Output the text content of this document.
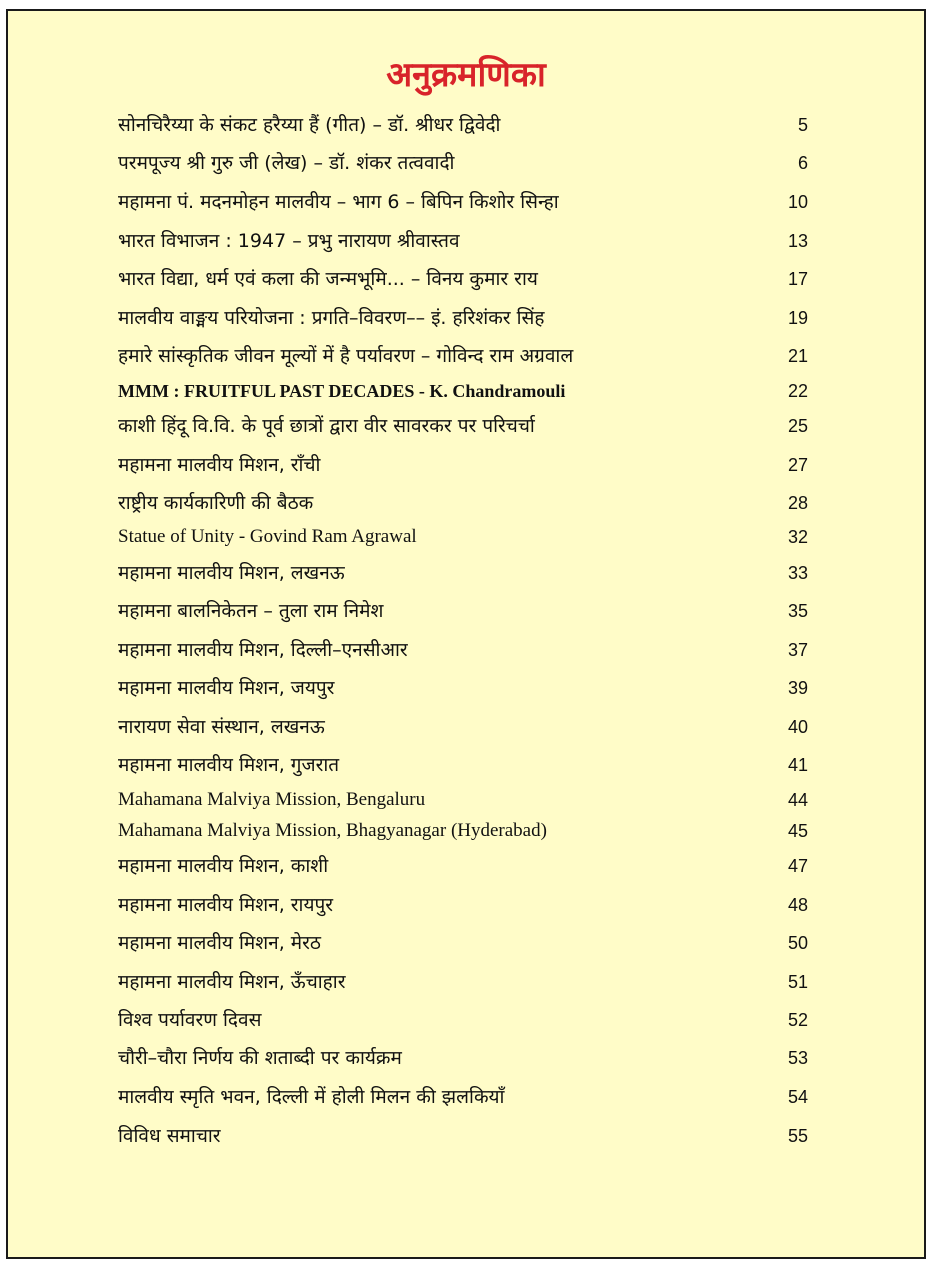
अनुक्रमणिका
सोनचिरैय्या के संकट हरैय्या हैं (गीत) – डॉ. श्रीधर द्विवेदी	5
परमपूज्य श्री गुरु जी (लेख) – डॉ. शंकर तत्ववादी	6
महामना पं. मदनमोहन मालवीय – भाग 6 – बिपिन किशोर सिन्हा	10
भारत विभाजन : 1947 – प्रभु नारायण श्रीवास्तव	13
भारत विद्या, धर्म एवं कला की जन्मभूमि... – विनय कुमार राय	17
मालवीय वाङ्मय परियोजना : प्रगति–विवरण–– इं. हरिशंकर सिंह	19
हमारे सांस्कृतिक जीवन मूल्यों में है पर्यावरण – गोविन्द राम अग्रवाल	21
MMM : FRUITFUL PAST DECADES - K. Chandramouli	22
काशी हिंदू वि.वि. के पूर्व छात्रों द्वारा वीर सावरकर पर परिचर्चा	25
महामना मालवीय मिशन, राँची	27
राष्ट्रीय कार्यकारिणी की बैठक	28
Statue of Unity - Govind Ram Agrawal	32
महामना मालवीय मिशन, लखनऊ	33
महामना बालनिकेतन – तुला राम निमेश	35
महामना मालवीय मिशन, दिल्ली–एनसीआर	37
महामना मालवीय मिशन, जयपुर	39
नारायण सेवा संस्थान, लखनऊ	40
महामना मालवीय मिशन, गुजरात	41
Mahamana Malviya Mission, Bengaluru	44
Mahamana Malviya Mission, Bhagyanagar (Hyderabad)	45
महामना मालवीय मिशन, काशी	47
महामना मालवीय मिशन, रायपुर	48
महामना मालवीय मिशन, मेरठ	50
महामना मालवीय मिशन, ऊँचाहार	51
विश्व पर्यावरण दिवस	52
चौरी–चौरा निर्णय की शताब्दी पर कार्यक्रम	53
मालवीय स्मृति भवन, दिल्ली में होली मिलन की झलकियाँ	54
विविध समाचार	55
